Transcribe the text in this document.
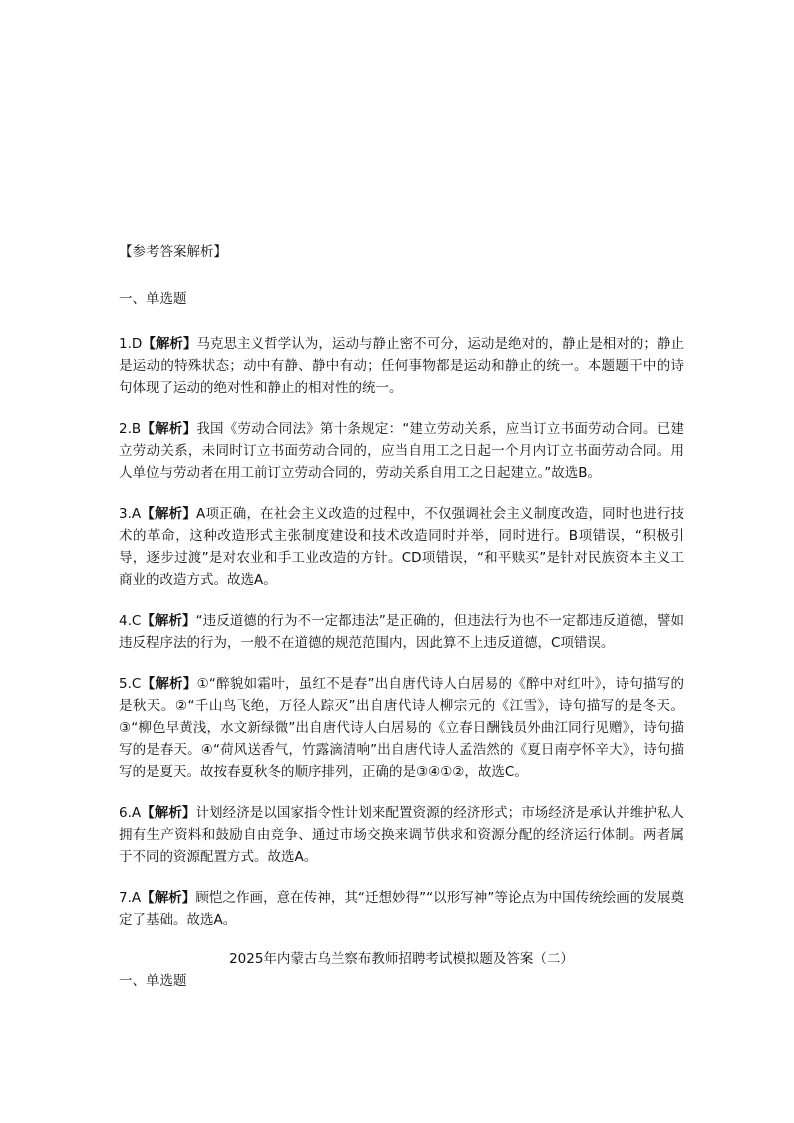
【参考答案解析】

一、单选题

1.D【解析】马克思主义哲学认为，运动与静止密不可分，运动是绝对的，静止是相对的；静止是运动的特殊状态；动中有静、静中有动；任何事物都是运动和静止的统一。本题题干中的诗句体现了运动的绝对性和静止的相对性的统一。

2.B【解析】我国《劳动合同法》第十条规定：“建立劳动关系，应当订立书面劳动合同。已建立劳动关系，未同时订立书面劳动合同的，应当自用工之日起一个月内订立书面劳动合同。用人单位与劳动者在用工前订立劳动合同的，劳动关系自用工之日起建立。”故选B。

3.A【解析】A项正确，在社会主义改造的过程中，不仅强调社会主义制度改造，同时也进行技术的革命，这种改造形式主张制度建设和技术改造同时并举，同时进行。B项错误，“积极引导，逐步过渡”是对农业和手工业改造的方针。CD项错误，“和平赎买”是针对民族资本主义工商业的改造方式。故选A。

4.C【解析】“违反道德的行为不一定都违法”是正确的，但违法行为也不一定都违反道德，譬如违反程序法的行为，一般不在道德的规范范围内，因此算不上违反道德，C项错误。

5.C【解析】①“醉貌如霜叶，虽红不是春”出自唐代诗人白居易的《醉中对红叶》，诗句描写的是秋天。②“千山鸟飞绝，万径人踪灭”出自唐代诗人柳宗元的《江雪》，诗句描写的是冬天。③“柳色早黄浅，水文新绿微”出自唐代诗人白居易的《立春日酬钱员外曲江同行见赠》，诗句描写的是春天。④“荷风送香气，竹露滴清响”出自唐代诗人孟浩然的《夏日南亭怀辛大》，诗句描写的是夏天。故按春夏秋冬的顺序排列，正确的是③④①②，故选C。

6.A【解析】计划经济是以国家指令性计划来配置资源的经济形式；市场经济是承认并维护私人拥有生产资料和鼓励自由竞争、通过市场交换来调节供求和资源分配的经济运行体制。两者属于不同的资源配置方式。故选A。

7.A【解析】顾恺之作画，意在传神，其“迁想妙得”“以形写神”等论点为中国传统绘画的发展奠定了基础。故选A。

2025年内蒙古乌兰察布教师招聘考试模拟题及答案（二）

一、单选题
